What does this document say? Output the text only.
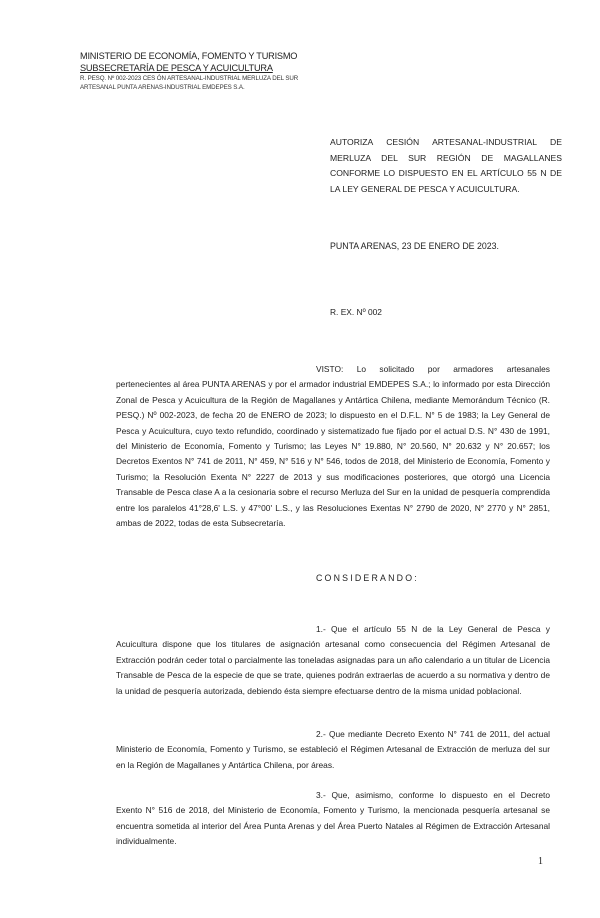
MINISTERIO DE ECONOMÍA, FOMENTO Y TURISMO
SUBSECRETARÍA DE PESCA Y ACUICULTURA
R. PESQ. Nº 002-2023 CES ÓN ARTESANAL-INDUSTRIAL MERLUZA DEL SUR
ARTESANAL PUNTA ARENAS-INDUSTRIAL EMDEPES S.A.
AUTORIZA CESIÓN ARTESANAL-INDUSTRIAL DE MERLUZA DEL SUR REGIÓN DE MAGALLANES CONFORME LO DISPUESTO EN EL ARTÍCULO 55 N DE LA LEY GENERAL DE PESCA Y ACUICULTURA.
PUNTA ARENAS, 23 DE ENERO DE 2023.
R. EX. Nº 002

VISTO: Lo solicitado por armadores artesanales pertenecientes al área PUNTA ARENAS y por el armador industrial EMDEPES S.A.; lo informado por esta Dirección Zonal de Pesca y Acuicultura de la Región de Magallanes y Antártica Chilena, mediante Memorándum Técnico (R. PESQ.) Nº 002-2023, de fecha 20 de ENERO de 2023; lo dispuesto en el D.F.L. N° 5 de 1983; la Ley General de Pesca y Acuicultura, cuyo texto refundido, coordinado y sistematizado fue fijado por el actual D.S. N° 430 de 1991, del Ministerio de Economía, Fomento y Turismo; las Leyes N° 19.880, N° 20.560, N° 20.632 y N° 20.657; los Decretos Exentos N° 741 de 2011, N° 459, N° 516 y N° 546, todos de 2018, del Ministerio de Economía, Fomento y Turismo; la Resolución Exenta N° 2227 de 2013 y sus modificaciones posteriores, que otorgó una Licencia Transable de Pesca clase A a la cesionaria sobre el recurso Merluza del Sur en la unidad de pesquería comprendida entre los paralelos 41°28,6' L.S. y 47°00' L.S., y las Resoluciones Exentas N° 2790 de 2020, N° 2770 y N° 2851, ambas de 2022, todas de esta Subsecretaría.

CONSIDERANDO:

1.- Que el artículo 55 N de la Ley General de Pesca y Acuicultura dispone que los titulares de asignación artesanal como consecuencia del Régimen Artesanal de Extracción podrán ceder total o parcialmente las toneladas asignadas para un año calendario a un titular de Licencia Transable de Pesca de la especie de que se trate, quienes podrán extraerlas de acuerdo a su normativa y dentro de la unidad de pesquería autorizada, debiendo ésta siempre efectuarse dentro de la misma unidad poblacional.

2.- Que mediante Decreto Exento N° 741 de 2011, del actual Ministerio de Economía, Fomento y Turismo, se estableció el Régimen Artesanal de Extracción de merluza del sur en la Región de Magallanes y Antártica Chilena, por áreas.

3.- Que, asimismo, conforme lo dispuesto en el Decreto Exento N° 516 de 2018, del Ministerio de Economía, Fomento y Turismo, la mencionada pesquería artesanal se encuentra sometida al interior del Área Punta Arenas y del Área Puerto Natales al Régimen de Extracción Artesanal individualmente.

1
